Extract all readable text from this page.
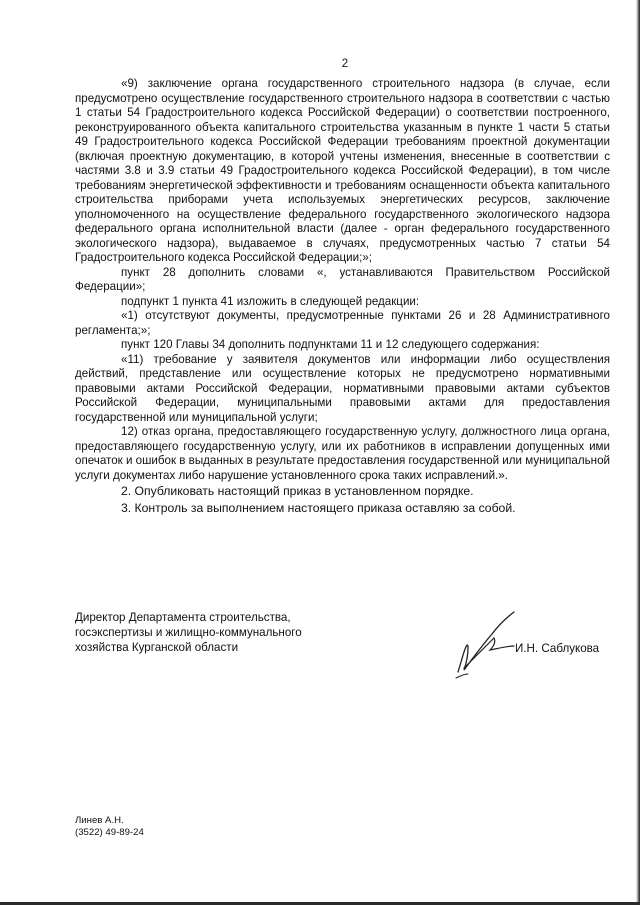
2

«9) заключение органа государственного строительного надзора (в случае, если предусмотрено осуществление государственного строительного надзора в соответствии с частью 1 статьи 54 Градостроительного кодекса Российской Федерации) о соответствии построенного, реконструированного объекта капитального строительства указанным в пункте 1 части 5 статьи 49 Градостроительного кодекса Российской Федерации требованиям проектной документации (включая проектную документацию, в которой учтены изменения, внесенные в соответствии с частями 3.8 и 3.9 статьи 49 Градостроительного кодекса Российской Федерации), в том числе требованиям энергетической эффективности и требованиям оснащенности объекта капитального строительства приборами учета используемых энергетических ресурсов, заключение уполномоченного на осуществление федерального государственного экологического надзора федерального органа исполнительной власти (далее - орган федерального государственного экологического надзора), выдаваемое в случаях, предусмотренных частью 7 статьи 54 Градостроительного кодекса Российской Федерации;»;

пункт 28 дополнить словами «, устанавливаются Правительством Российской Федерации»;

подпункт 1 пункта 41 изложить в следующей редакции:

«1) отсутствуют документы, предусмотренные пунктами 26 и 28 Административного регламента;»;

пункт 120 Главы 34 дополнить подпунктами 11 и 12 следующего содержания:

«11) требование у заявителя документов или информации либо осуществления действий, представление или осуществление которых не предусмотрено нормативными правовыми актами Российской Федерации, нормативными правовыми актами субъектов Российской Федерации, муниципальными правовыми актами для предоставления государственной или муниципальной услуги;

12) отказ органа, предоставляющего государственную услугу, должностного лица органа, предоставляющего государственную услугу, или их работников в исправлении допущенных ими опечаток и ошибок в выданных в результате предоставления государственной или муниципальной услуги документах либо нарушение установленного срока таких исправлений.».

2. Опубликовать настоящий приказ в установленном порядке.

3. Контроль за выполнением настоящего приказа оставляю за собой.

Директор Департамента строительства,
госэкспертизы и жилищно-коммунального
хозяйства Курганской области	И.Н. Саблукова
Линев А.Н.
(3522) 49-89-24
